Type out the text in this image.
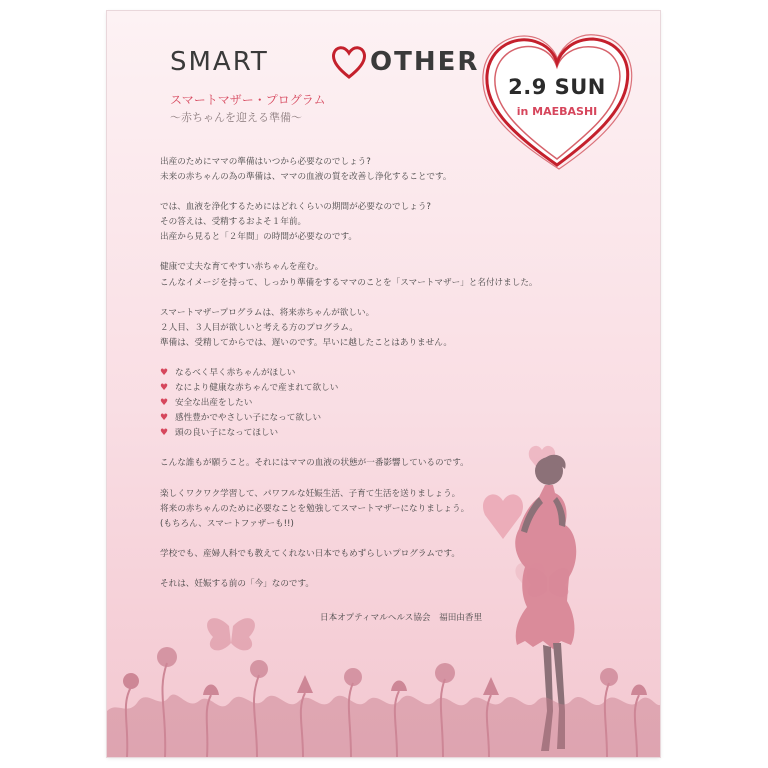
SMART	OTHER
スマートマザー・プログラム
〜赤ちゃんを迎える準備〜
2.9 SUN
in MAEBASHI

出産のためにママの準備はいつから必要なのでしょう?
未来の赤ちゃんの為の準備は、ママの血液の質を改善し浄化することです。

では、血液を浄化するためにはどれくらいの期間が必要なのでしょう?
その答えは、受精するおよそ１年前。
出産から見ると「２年間」の時間が必要なのです。

健康で丈夫な育てやすい赤ちゃんを産む。
こんなイメージを持って、しっかり準備をするママのことを「スマートマザー」と名付けました。

スマートマザープログラムは、将来赤ちゃんが欲しい。
２人目、３人目が欲しいと考える方のプログラム。
準備は、受精してからでは、遅いのです。早いに越したことはありません。

♥ なるべく早く赤ちゃんがほしい
♥ なにより健康な赤ちゃんで産まれて欲しい
♥ 安全な出産をしたい
♥ 感性豊かでやさしい子になって欲しい
♥ 頭の良い子になってほしい

こんな誰もが願うこと。それにはママの血液の状態が一番影響しているのです。

楽しくワクワク学習して、パワフルな妊娠生活、子育て生活を送りましょう。
将来の赤ちゃんのために必要なことを勉強してスマートマザーになりましょう。
(もちろん、スマートファザーも!!)

学校でも、産婦人科でも教えてくれない日本でもめずらしいプログラムです。

それは、妊娠する前の「今」なのです。

日本オプティマルヘルス協会　福田由香里
